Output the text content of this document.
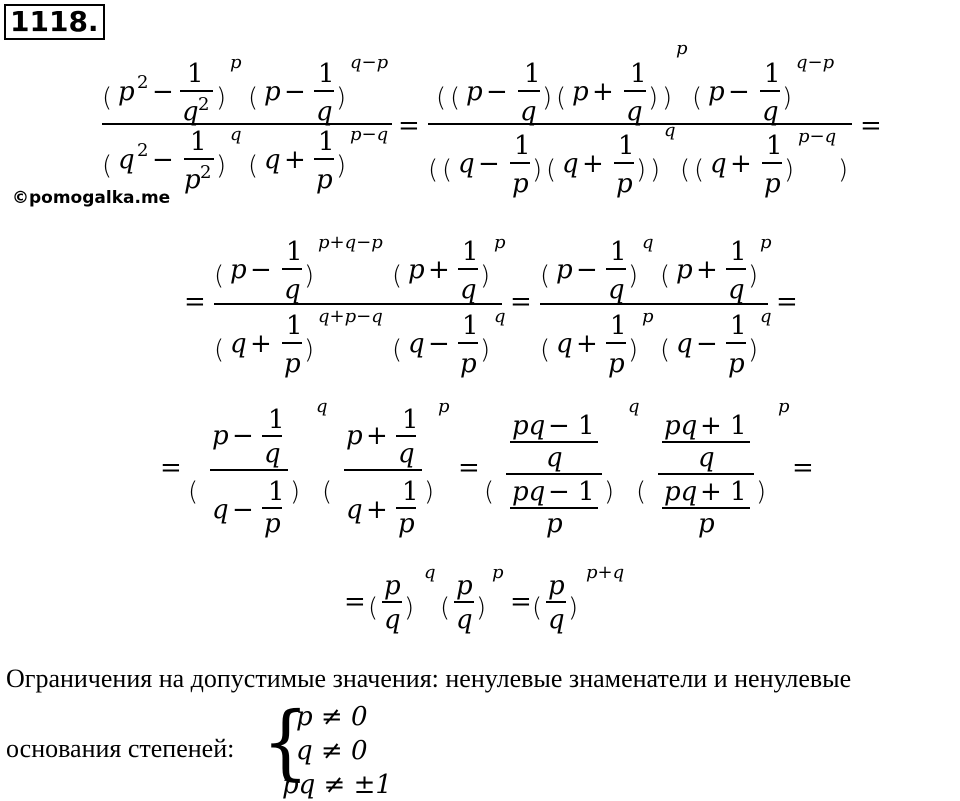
1118.
( p 2 −
1
q 2 )
p
( p −
1
q )
q−p
( q 2 −
1
p 2 )
q
( q +
1
p )
p−q =
( ( p −
1
q ) ( p +
1
q ) )
p
( p −
1
q )
q−p
( ( q −
1
p ) ( q +
1
p ) )
q
( ( q +
1
p )
p−q
)
=
=
( p −
1
q )
p+q−p
( p +
1
q )
p
( q +
1
p )
q+p−q
( q −
1
p )
q =
( p −
1
q )
q
( p +
1
q )
p
( q +
1
p )
p
( q −
1
p )
q =
=
(
p −
1
q
q −
1
p
)
q
(
p +
1
q
q +
1
p
)
p
=
(
pq − 1
q
pq − 1
p
)
q
(
pq + 1
q
pq + 1
p
)
p
=
= (
p
q )
q
(
p
q )
p
= (
p
q )
p+q
©pomogalka.me
Ограничения на допустимые значения: ненулевые знаменатели и ненулевые
основания степеней: {
p ≠ 0
q ≠ 0
pq ≠ ±1
